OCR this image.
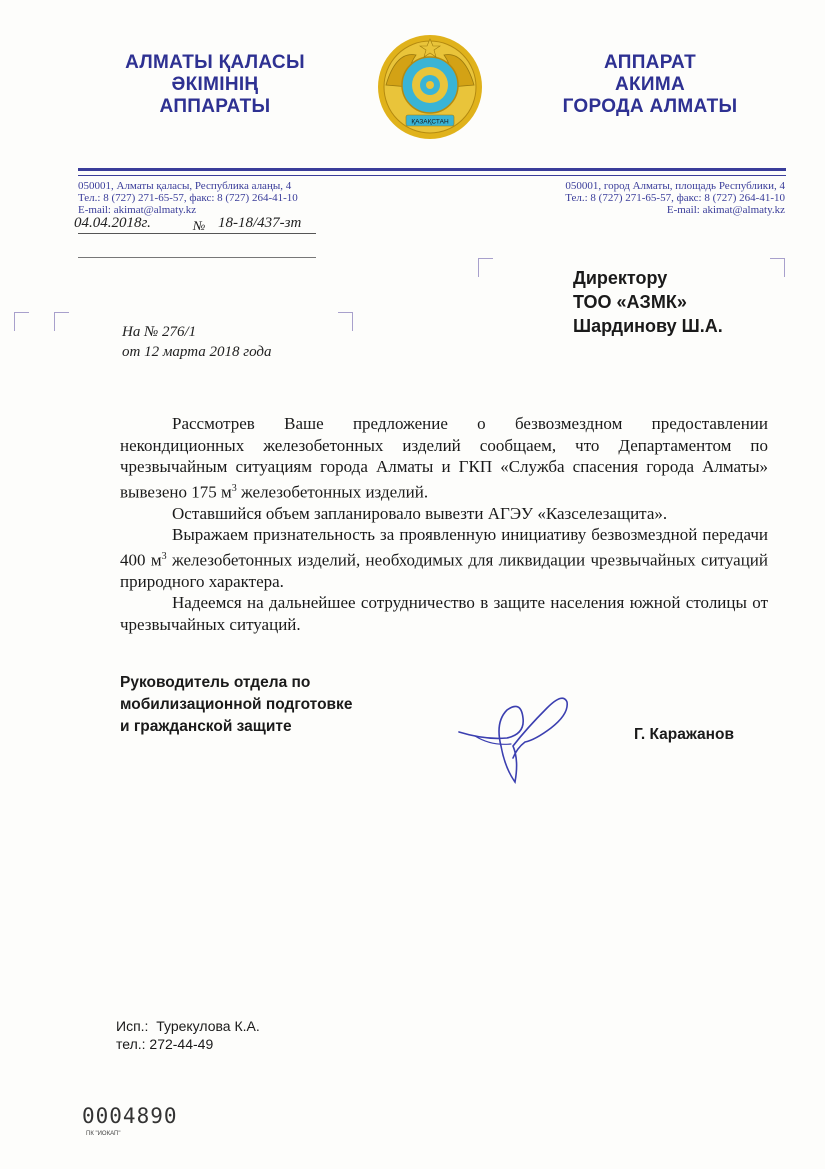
АЛМАТЫ ҚАЛАСЫ
ӘКІМІНІҢ
АППАРАТЫ
АППАРАТ
АКИМА
ГОРОДА АЛМАТЫ
ҚАЗАҚСТАН
050001, Алматы қаласы, Республика алаңы, 4
Тел.: 8 (727) 271-65-57, факс: 8 (727) 264-41-10
E-mail: akimat@almaty.kz
050001, город Алматы, площадь Республики, 4
Тел.: 8 (727) 271-65-57, факс: 8 (727) 264-41-10
E-mail: akimat@almaty.kz
04.04.2018г.	№ 18-18/437-зт
На № 276/1
от 12 марта 2018 года
Директору
ТОО «АЗМК»
Шардинову Ш.А.

Рассмотрев Ваше предложение о безвозмездном предоставлении некондиционных железобетонных изделий сообщаем, что Департаментом по чрезвычайным ситуациям города Алматы и ГКП «Служба спасения города Алматы» вывезено 175 $м^3$ железобетонных изделий.

Оставшийся объем запланировало вывезти АГЭУ «Казселезащита».

Выражаем признательность за проявленную инициативу безвозмездной передачи 400 $м^3$ железобетонных изделий, необходимых для ликвидации чрезвычайных ситуаций природного характера.

Надеемся на дальнейшее сотрудничество в защите населения южной столицы от чрезвычайных ситуаций.

Руководитель отдела по
мобилизационной подготовке
и гражданской защите	Г. Каражанов
Исп.: Турекулова К.А.
тел.: 272-44-49
0004890
ПК "ИОКАП"
